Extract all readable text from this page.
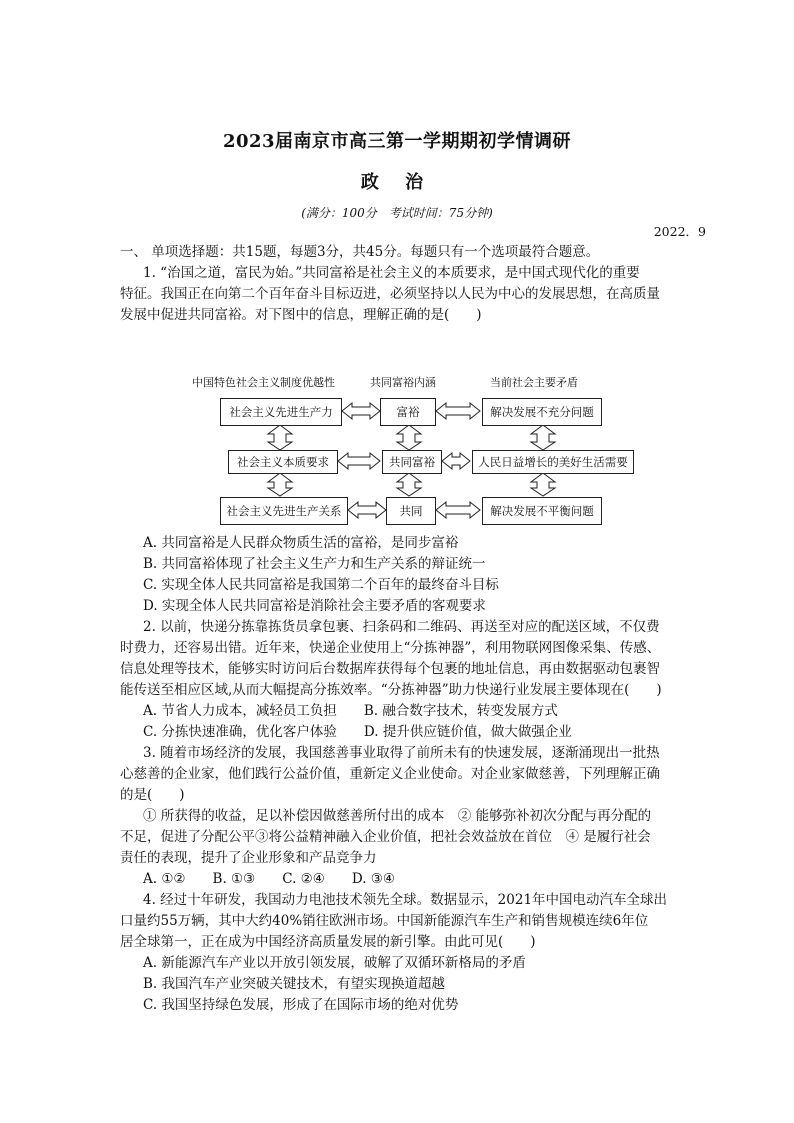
2023届南京市高三第一学期期初学情调研
政 治
(满分：100分　考试时间：75分钟)
2022．9
一、 单项选择题：共15题，每题3分，共45分。每题只有一个选项最符合题意。
1. “治国之道，富民为始。”共同富裕是社会主义的本质要求，是中国式现代化的重要
特征。我国正在向第二个百年奋斗目标迈进，必须坚持以人民为中心的发展思想，在高质量
发展中促进共同富裕。对下图中的信息，理解正确的是(　　)
中国特色社会主义制度优越性	共同富裕内涵	当前社会主要矛盾
社会主义先进生产力
社会主义本质要求
社会主义先进生产关系
富裕
共同富裕
共同
解决发展不充分问题
人民日益增长的美好生活需要
解决发展不平衡问题
A. 共同富裕是人民群众物质生活的富裕，是同步富裕
B. 共同富裕体现了社会主义生产力和生产关系的辩证统一
C. 实现全体人民共同富裕是我国第二个百年的最终奋斗目标
D. 实现全体人民共同富裕是消除社会主要矛盾的客观要求
2. 以前，快递分拣靠拣货员拿包裹、扫条码和二维码、再送至对应的配送区域，不仅费
时费力，还容易出错。近年来，快递企业使用上“分拣神器”，利用物联网图像采集、传感、
信息处理等技术，能够实时访问后台数据库获得每个包裹的地址信息，再由数据驱动包裹智
能传送至相应区域,从而大幅提高分拣效率。“分拣神器”助力快递行业发展主要体现在(　　)
A. 节省人力成本，减轻员工负担　　B. 融合数字技术，转变发展方式
C. 分拣快速准确，优化客户体验　　D. 提升供应链价值，做大做强企业
3. 随着市场经济的发展，我国慈善事业取得了前所未有的快速发展，逐渐涌现出一批热
心慈善的企业家，他们践行公益价值，重新定义企业使命。对企业家做慈善，下列理解正确
的是(　　)
① 所获得的收益，足以补偿因做慈善所付出的成本　② 能够弥补初次分配与再分配的
不足，促进了分配公平③将公益精神融入企业价值，把社会效益放在首位　④ 是履行社会
责任的表现，提升了企业形象和产品竞争力
A. ①②　　B. ①③　　C. ②④　　D. ③④
4. 经过十年研发，我国动力电池技术领先全球。数据显示，2021年中国电动汽车全球出
口量约55万辆，其中大约40%销往欧洲市场。中国新能源汽车生产和销售规模连续6年位
居全球第一，正在成为中国经济高质量发展的新引擎。由此可见(　　)
A. 新能源汽车产业以开放引领发展，破解了双循环新格局的矛盾
B. 我国汽车产业突破关键技术，有望实现换道超越
C. 我国坚持绿色发展，形成了在国际市场的绝对优势
